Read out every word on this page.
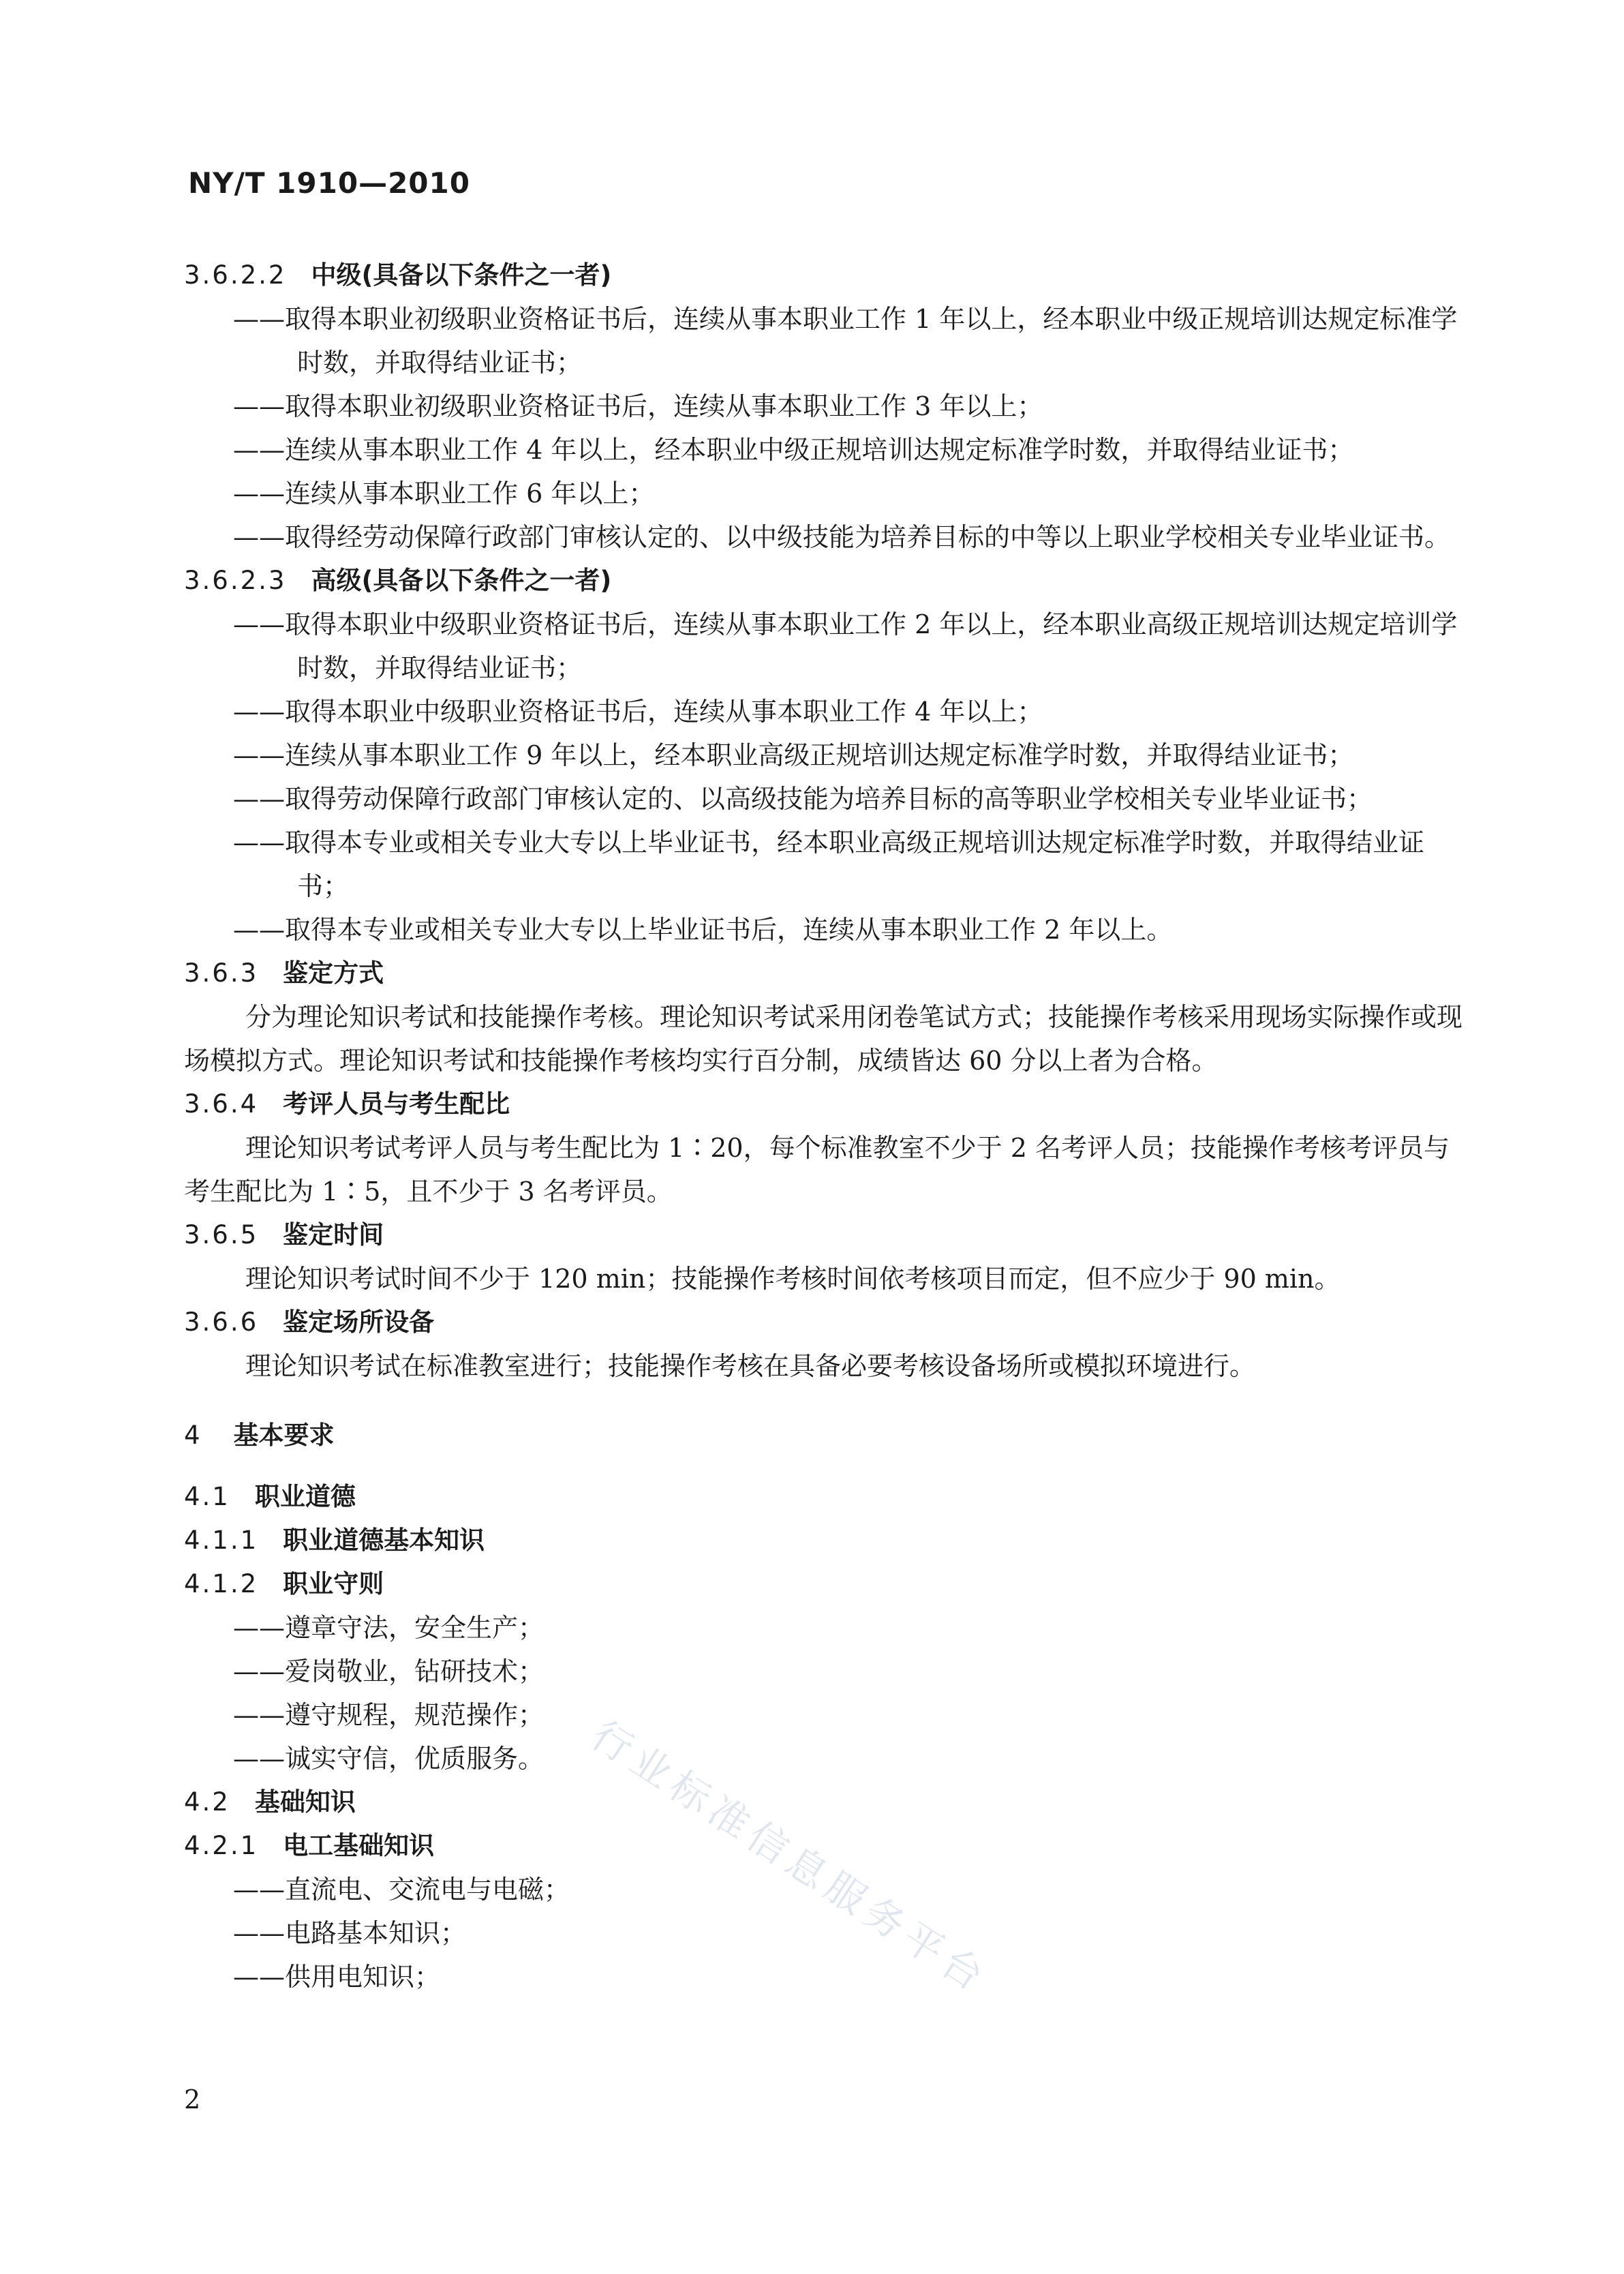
NY/T 1910—2010
3.6.2.2 中级(具备以下条件之一者)
——取得本职业初级职业资格证书后，连续从事本职业工作 1 年以上，经本职业中级正规培训达规定标准学时数，并取得结业证书；
——取得本职业初级职业资格证书后，连续从事本职业工作 3 年以上；
——连续从事本职业工作 4 年以上，经本职业中级正规培训达规定标准学时数，并取得结业证书；
——连续从事本职业工作 6 年以上；
——取得经劳动保障行政部门审核认定的、以中级技能为培养目标的中等以上职业学校相关专业毕业证书。
3.6.2.3 高级(具备以下条件之一者)
——取得本职业中级职业资格证书后，连续从事本职业工作 2 年以上，经本职业高级正规培训达规定培训学时数，并取得结业证书；
——取得本职业中级职业资格证书后，连续从事本职业工作 4 年以上；
——连续从事本职业工作 9 年以上，经本职业高级正规培训达规定标准学时数，并取得结业证书；
——取得劳动保障行政部门审核认定的、以高级技能为培养目标的高等职业学校相关专业毕业证书；
——取得本专业或相关专业大专以上毕业证书，经本职业高级正规培训达规定标准学时数，并取得结业证书；
——取得本专业或相关专业大专以上毕业证书后，连续从事本职业工作 2 年以上。
3.6.3 鉴定方式
分为理论知识考试和技能操作考核。理论知识考试采用闭卷笔试方式；技能操作考核采用现场实际操作或现场模拟方式。理论知识考试和技能操作考核均实行百分制，成绩皆达 60 分以上者为合格。
3.6.4 考评人员与考生配比
理论知识考试考评人员与考生配比为 1∶20，每个标准教室不少于 2 名考评人员；技能操作考核考评员与考生配比为 1∶5，且不少于 3 名考评员。
3.6.5 鉴定时间
理论知识考试时间不少于 120 min；技能操作考核时间依考核项目而定，但不应少于 90 min。
3.6.6 鉴定场所设备
理论知识考试在标准教室进行；技能操作考核在具备必要考核设备场所或模拟环境进行。
4 基本要求
4.1 职业道德
4.1.1 职业道德基本知识
4.1.2 职业守则
——遵章守法，安全生产；
——爱岗敬业，钻研技术；
——遵守规程，规范操作；
——诚实守信，优质服务。
4.2 基础知识
4.2.1 电工基础知识
——直流电、交流电与电磁；
——电路基本知识；
——供用电知识；	行业标准信息服务平台
2
